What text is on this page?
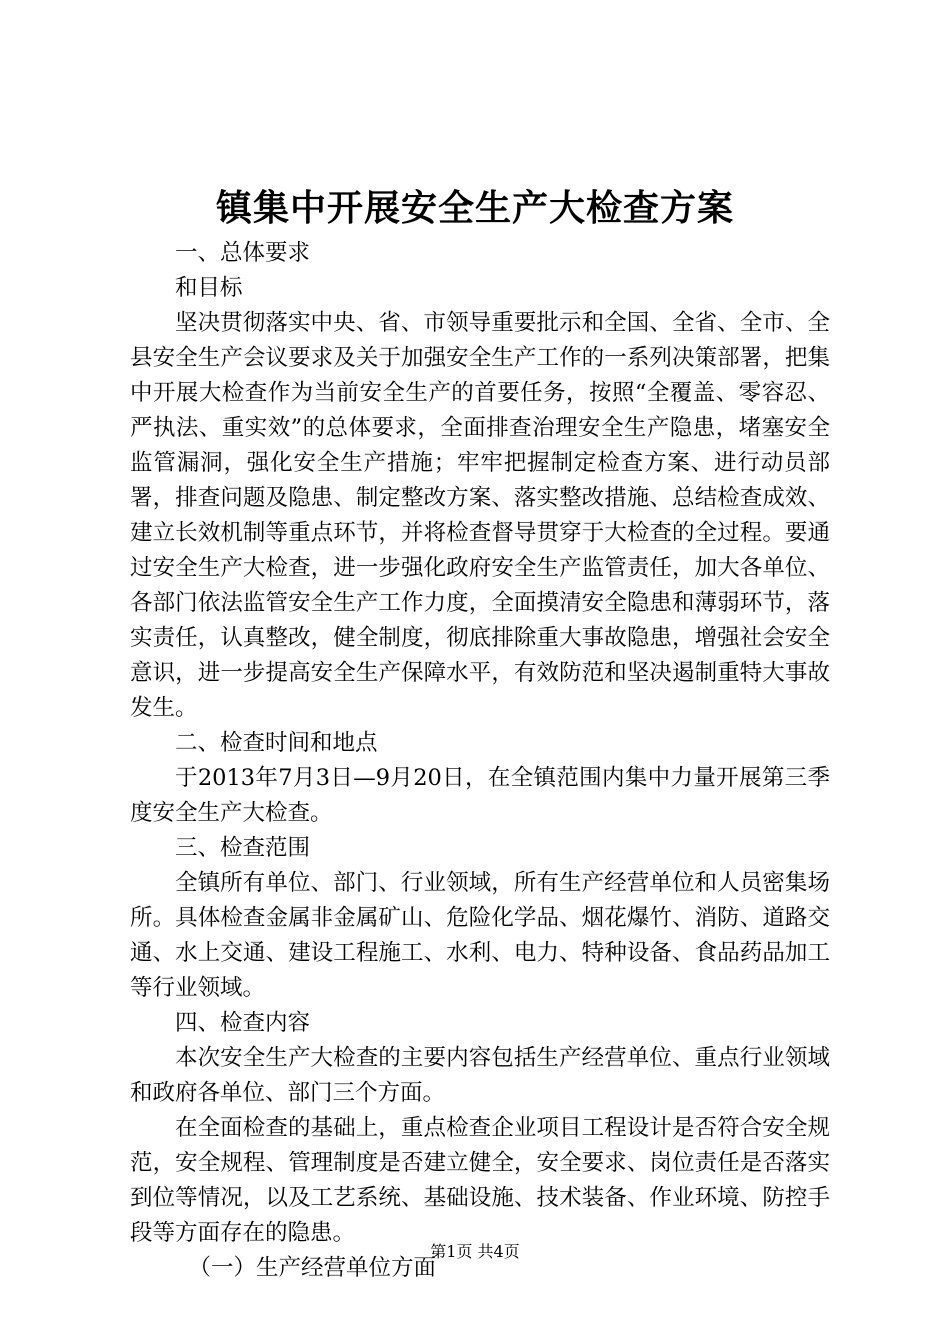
镇集中开展安全生产大检查方案

一、总体要求

和目标

坚决贯彻落实中央、省、市领导重要批示和全国、全省、全市、全县安全生产会议要求及关于加强安全生产工作的一系列决策部署，把集中开展大检查作为当前安全生产的首要任务，按照“全覆盖、零容忍、严执法、重实效”的总体要求，全面排查治理安全生产隐患，堵塞安全监管漏洞，强化安全生产措施；牢牢把握制定检查方案、进行动员部署，排查问题及隐患、制定整改方案、落实整改措施、总结检查成效、建立长效机制等重点环节，并将检查督导贯穿于大检查的全过程。要通过安全生产大检查，进一步强化政府安全生产监管责任，加大各单位、各部门依法监管安全生产工作力度，全面摸清安全隐患和薄弱环节，落实责任，认真整改，健全制度，彻底排除重大事故隐患，增强社会安全意识，进一步提高安全生产保障水平，有效防范和坚决遏制重特大事故发生。

二、检查时间和地点

于2013年7月3日—9月20日，在全镇范围内集中力量开展第三季度安全生产大检查。

三、检查范围

全镇所有单位、部门、行业领域，所有生产经营单位和人员密集场所。具体检查金属非金属矿山、危险化学品、烟花爆竹、消防、道路交通、水上交通、建设工程施工、水利、电力、特种设备、食品药品加工等行业领域。

四、检查内容

本次安全生产大检查的主要内容包括生产经营单位、重点行业领域和政府各单位、部门三个方面。

在全面检查的基础上，重点检查企业项目工程设计是否符合安全规范，安全规程、管理制度是否建立健全，安全要求、岗位责任是否落实到位等情况，以及工艺系统、基础设施、技术装备、作业环境、防控手段等方面存在的隐患。

（一）生产经营单位方面

第1页 共4页
